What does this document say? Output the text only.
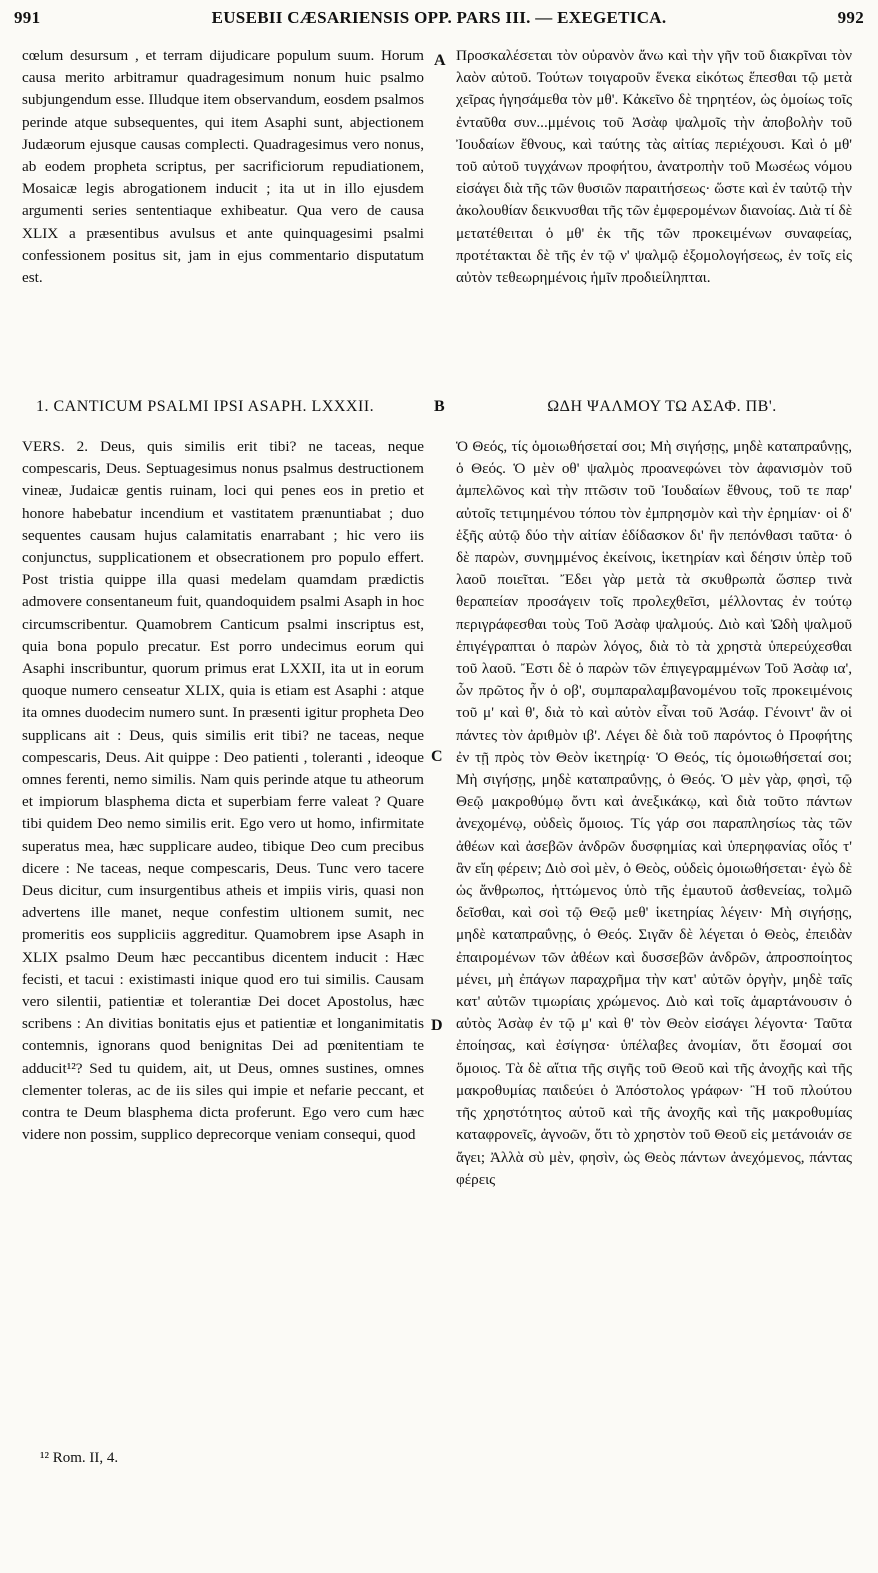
991	EUSEBII CÆSARIENSIS OPP. PARS III. — EXEGETICA.	992

cœlum desursum , et terram dijudicare populum suum. Horum causa merito arbitramur quadragesimum nonum huic psalmo subjungendum esse. Illudque item observandum, eosdem psalmos perinde atque subsequentes, qui item Asaphi sunt, abjectionem Judæorum ejusque causas complecti. Quadragesimus vero nonus, ab eodem propheta scriptus, per sacrificiorum repudiationem, Mosaicæ legis abrogationem inducit ; ita ut in illo ejusdem argumenti series sententiaque exhibeatur. Qua vero de causa XLIX a præsentibus avulsus et ante quinquagesimi psalmi confessionem positus sit, jam in ejus commentario disputatum est.

Προσκαλέσεται τὸν οὐρανὸν ἄνω καὶ τὴν γῆν τοῦ διακρῖναι τὸν λαὸν αὐτοῦ. Τούτων τοιγαροῦν ἕνεκα εἰκότως ἕπεσθαι τῷ μετὰ χεῖρας ἡγησάμεθα τὸν μθ'. Κἀκεῖνο δὲ τηρητέον, ὡς ὁμοίως τοῖς ἐνταῦθα συν...μμένοις τοῦ Ἀσὰφ ψαλμοῖς τὴν ἀποβολὴν τοῦ Ἰουδαίων ἔθνους, καὶ ταύτης τὰς αἰτίας περιέχουσι. Καὶ ὁ μθ' τοῦ αὐτοῦ τυγχάνων προφήτου, ἀνατροπὴν τοῦ Μωσέως νόμου εἰσάγει διὰ τῆς τῶν θυσιῶν παραιτήσεως· ὥστε καὶ ἐν ταὐτῷ τὴν ἀκολουθίαν δεικνυσθαι τῆς τῶν ἐμφερομένων διανοίας. Διὰ τί δὲ μετατέθειται ὁ μθ' ἐκ τῆς τῶν προκειμένων συναφείας, προτέτακται δὲ τῆς ἐν τῷ ν' ψαλμῷ ἐξομολογήσεως, ἐν τοῖς εἰς αὐτὸν τεθεωρημένοις ἡμῖν προδιείληπται.

A
B
C
D
1. CANTICUM PSALMI IPSI ASAPH. LXXXII.	ΩΔΗ ΨΑΛΜΟΥ ΤΩ ΑΣΑΦ. ΠΒ'.

VERS. 2. Deus, quis similis erit tibi? ne taceas, neque compescaris, Deus. Septuagesimus nonus psalmus destructionem vineæ, Judaicæ gentis ruinam, loci qui penes eos in pretio et honore habebatur incendium et vastitatem prænuntiabat ; duo sequentes causam hujus calamitatis enarrabant ; hic vero iis conjunctus, supplicationem et obsecrationem pro populo effert. Post tristia quippe illa quasi medelam quamdam prædictis admovere consentaneum fuit, quandoquidem psalmi Asaph in hoc circumscribentur. Quamobrem Canticum psalmi inscriptus est, quia bona populo precatur. Est porro undecimus eorum qui Asaphi inscribuntur, quorum primus erat LXXII, ita ut in eorum quoque numero censeatur XLIX, quia is etiam est Asaphi : atque ita omnes duodecim numero sunt. In præsenti igitur propheta Deo supplicans ait : Deus, quis similis erit tibi? ne taceas, neque compescaris, Deus. Ait quippe : Deo patienti , toleranti , ideoque omnes ferenti, nemo similis. Nam quis perinde atque tu atheorum et impiorum blasphema dicta et superbiam ferre valeat ? Quare tibi quidem Deo nemo similis erit. Ego vero ut homo, infirmitate superatus mea, hæc supplicare audeo, tibique Deo cum precibus dicere : Ne taceas, neque compescaris, Deus. Tunc vero tacere Deus dicitur, cum insurgentibus atheis et impiis viris, quasi non advertens ille manet, neque confestim ultionem sumit, nec promeritis eos suppliciis aggreditur. Quamobrem ipse Asaph in XLIX psalmo Deum hæc peccantibus dicentem inducit : Hæc fecisti, et tacui : existimasti inique quod ero tui similis. Causam vero silentii, patientiæ et tolerantiæ Dei docet Apostolus, hæc scribens : An divitias bonitatis ejus et patientiæ et longanimitatis contemnis, ignorans quod benignitas Dei ad pœnitentiam te adducit¹²? Sed tu quidem, ait, ut Deus, omnes sustines, omnes clementer toleras, ac de iis siles qui impie et nefarie peccant, et contra te Deum blasphema dicta proferunt. Ego vero cum hæc videre non possim, supplico deprecorque veniam consequi, quod

Ὁ Θεός, τίς ὁμοιωθήσεταί σοι; Μὴ σιγήσῃς, μηδὲ καταπραΰνῃς, ὁ Θεός. Ὁ μὲν οθ' ψαλμὸς προανεφώνει τὸν ἀφανισμὸν τοῦ ἀμπελῶνος καὶ τὴν πτῶσιν τοῦ Ἰουδαίων ἔθνους, τοῦ τε παρ' αὐτοῖς τετιμημένου τόπου τὸν ἐμπρησμὸν καὶ τὴν ἐρημίαν· οἱ δ' ἑξῆς αὐτῷ δύο τὴν αἰτίαν ἐδίδασκον δι' ἣν πεπόνθασι ταῦτα· ὁ δὲ παρὼν, συνημμένος ἐκείνοις, ἱκετηρίαν καὶ δέησιν ὑπὲρ τοῦ λαοῦ ποιεῖται. Ἔδει γὰρ μετὰ τὰ σκυθρωπὰ ὥσπερ τινὰ θεραπείαν προσάγειν τοῖς προλεχθεῖσι, μέλλοντας ἐν τούτῳ περιγράφεσθαι τοὺς Τοῦ Ἀσὰφ ψαλμούς. Διὸ καὶ Ὠδὴ ψαλμοῦ ἐπιγέγραπται ὁ παρὼν λόγος, διὰ τὸ τὰ χρηστὰ ὑπερεύχεσθαι τοῦ λαοῦ. Ἔστι δὲ ὁ παρὼν τῶν ἐπιγεγραμμένων Τοῦ Ἀσὰφ ια', ὧν πρῶτος ἦν ὁ οβ', συμπαραλαμβανομένου τοῖς προκειμένοις τοῦ μ' καὶ θ', διὰ τὸ καὶ αὐτὸν εἶναι τοῦ Ἀσάφ. Γένοιντ' ἂν οἱ πάντες τὸν ἀριθμὸν ιβ'. Λέγει δὲ διὰ τοῦ παρόντος ὁ Προφήτης ἐν τῇ πρὸς τὸν Θεὸν ἱκετηρίᾳ· Ὁ Θεός, τίς ὁμοιωθήσεταί σοι; Μὴ σιγήσῃς, μηδὲ καταπραΰνῃς, ὁ Θεός. Ὁ μὲν γὰρ, φησὶ, τῷ Θεῷ μακροθύμῳ ὄντι καὶ ἀνεξικάκῳ, καὶ διὰ τοῦτο πάντων ἀνεχομένῳ, οὐδεὶς ὅμοιος. Τίς γάρ σοι παραπλησίως τὰς τῶν ἀθέων καὶ ἀσεβῶν ἀνδρῶν δυσφημίας καὶ ὑπερηφανίας οἷός τ' ἂν εἴη φέρειν; Διὸ σοὶ μὲν, ὁ Θεὸς, οὐδεὶς ὁμοιωθήσεται· ἐγὼ δὲ ὡς ἄνθρωπος, ἡττώμενος ὑπὸ τῆς ἐμαυτοῦ ἀσθενείας, τολμῶ δεῖσθαι, καὶ σοὶ τῷ Θεῷ μεθ' ἱκετηρίας λέγειν· Μὴ σιγήσῃς, μηδὲ καταπραΰνῃς, ὁ Θεός. Σιγᾶν δὲ λέγεται ὁ Θεὸς, ἐπειδὰν ἐπαιρομένων τῶν ἀθέων καὶ δυσσεβῶν ἀνδρῶν, ἀπροσποίητος μένει, μὴ ἐπάγων παραχρῆμα τὴν κατ' αὐτῶν ὀργὴν, μηδὲ ταῖς κατ' αὐτῶν τιμωρίαις χρώμενος. Διὸ καὶ τοῖς ἁμαρτάνουσιν ὁ αὐτὸς Ἀσὰφ ἐν τῷ μ' καὶ θ' τὸν Θεὸν εἰσάγει λέγοντα· Ταῦτα ἐποίησας, καὶ ἐσίγησα· ὑπέλαβες ἀνομίαν, ὅτι ἔσομαί σοι ὅμοιος. Τὰ δὲ αἴτια τῆς σιγῆς τοῦ Θεοῦ καὶ τῆς ἀνοχῆς καὶ τῆς μακροθυμίας παιδεύει ὁ Ἀπόστολος γράφων· Ἢ τοῦ πλούτου τῆς χρηστότητος αὐτοῦ καὶ τῆς ἀνοχῆς καὶ τῆς μακροθυμίας καταφρονεῖς, ἀγνοῶν, ὅτι τὸ χρηστὸν τοῦ Θεοῦ εἰς μετάνοιάν σε ἄγει; Ἀλλὰ σὺ μὲν, φησὶν, ὡς Θεὸς πάντων ἀνεχόμενος, πάντας φέρεις

¹² Rom. II, 4.
